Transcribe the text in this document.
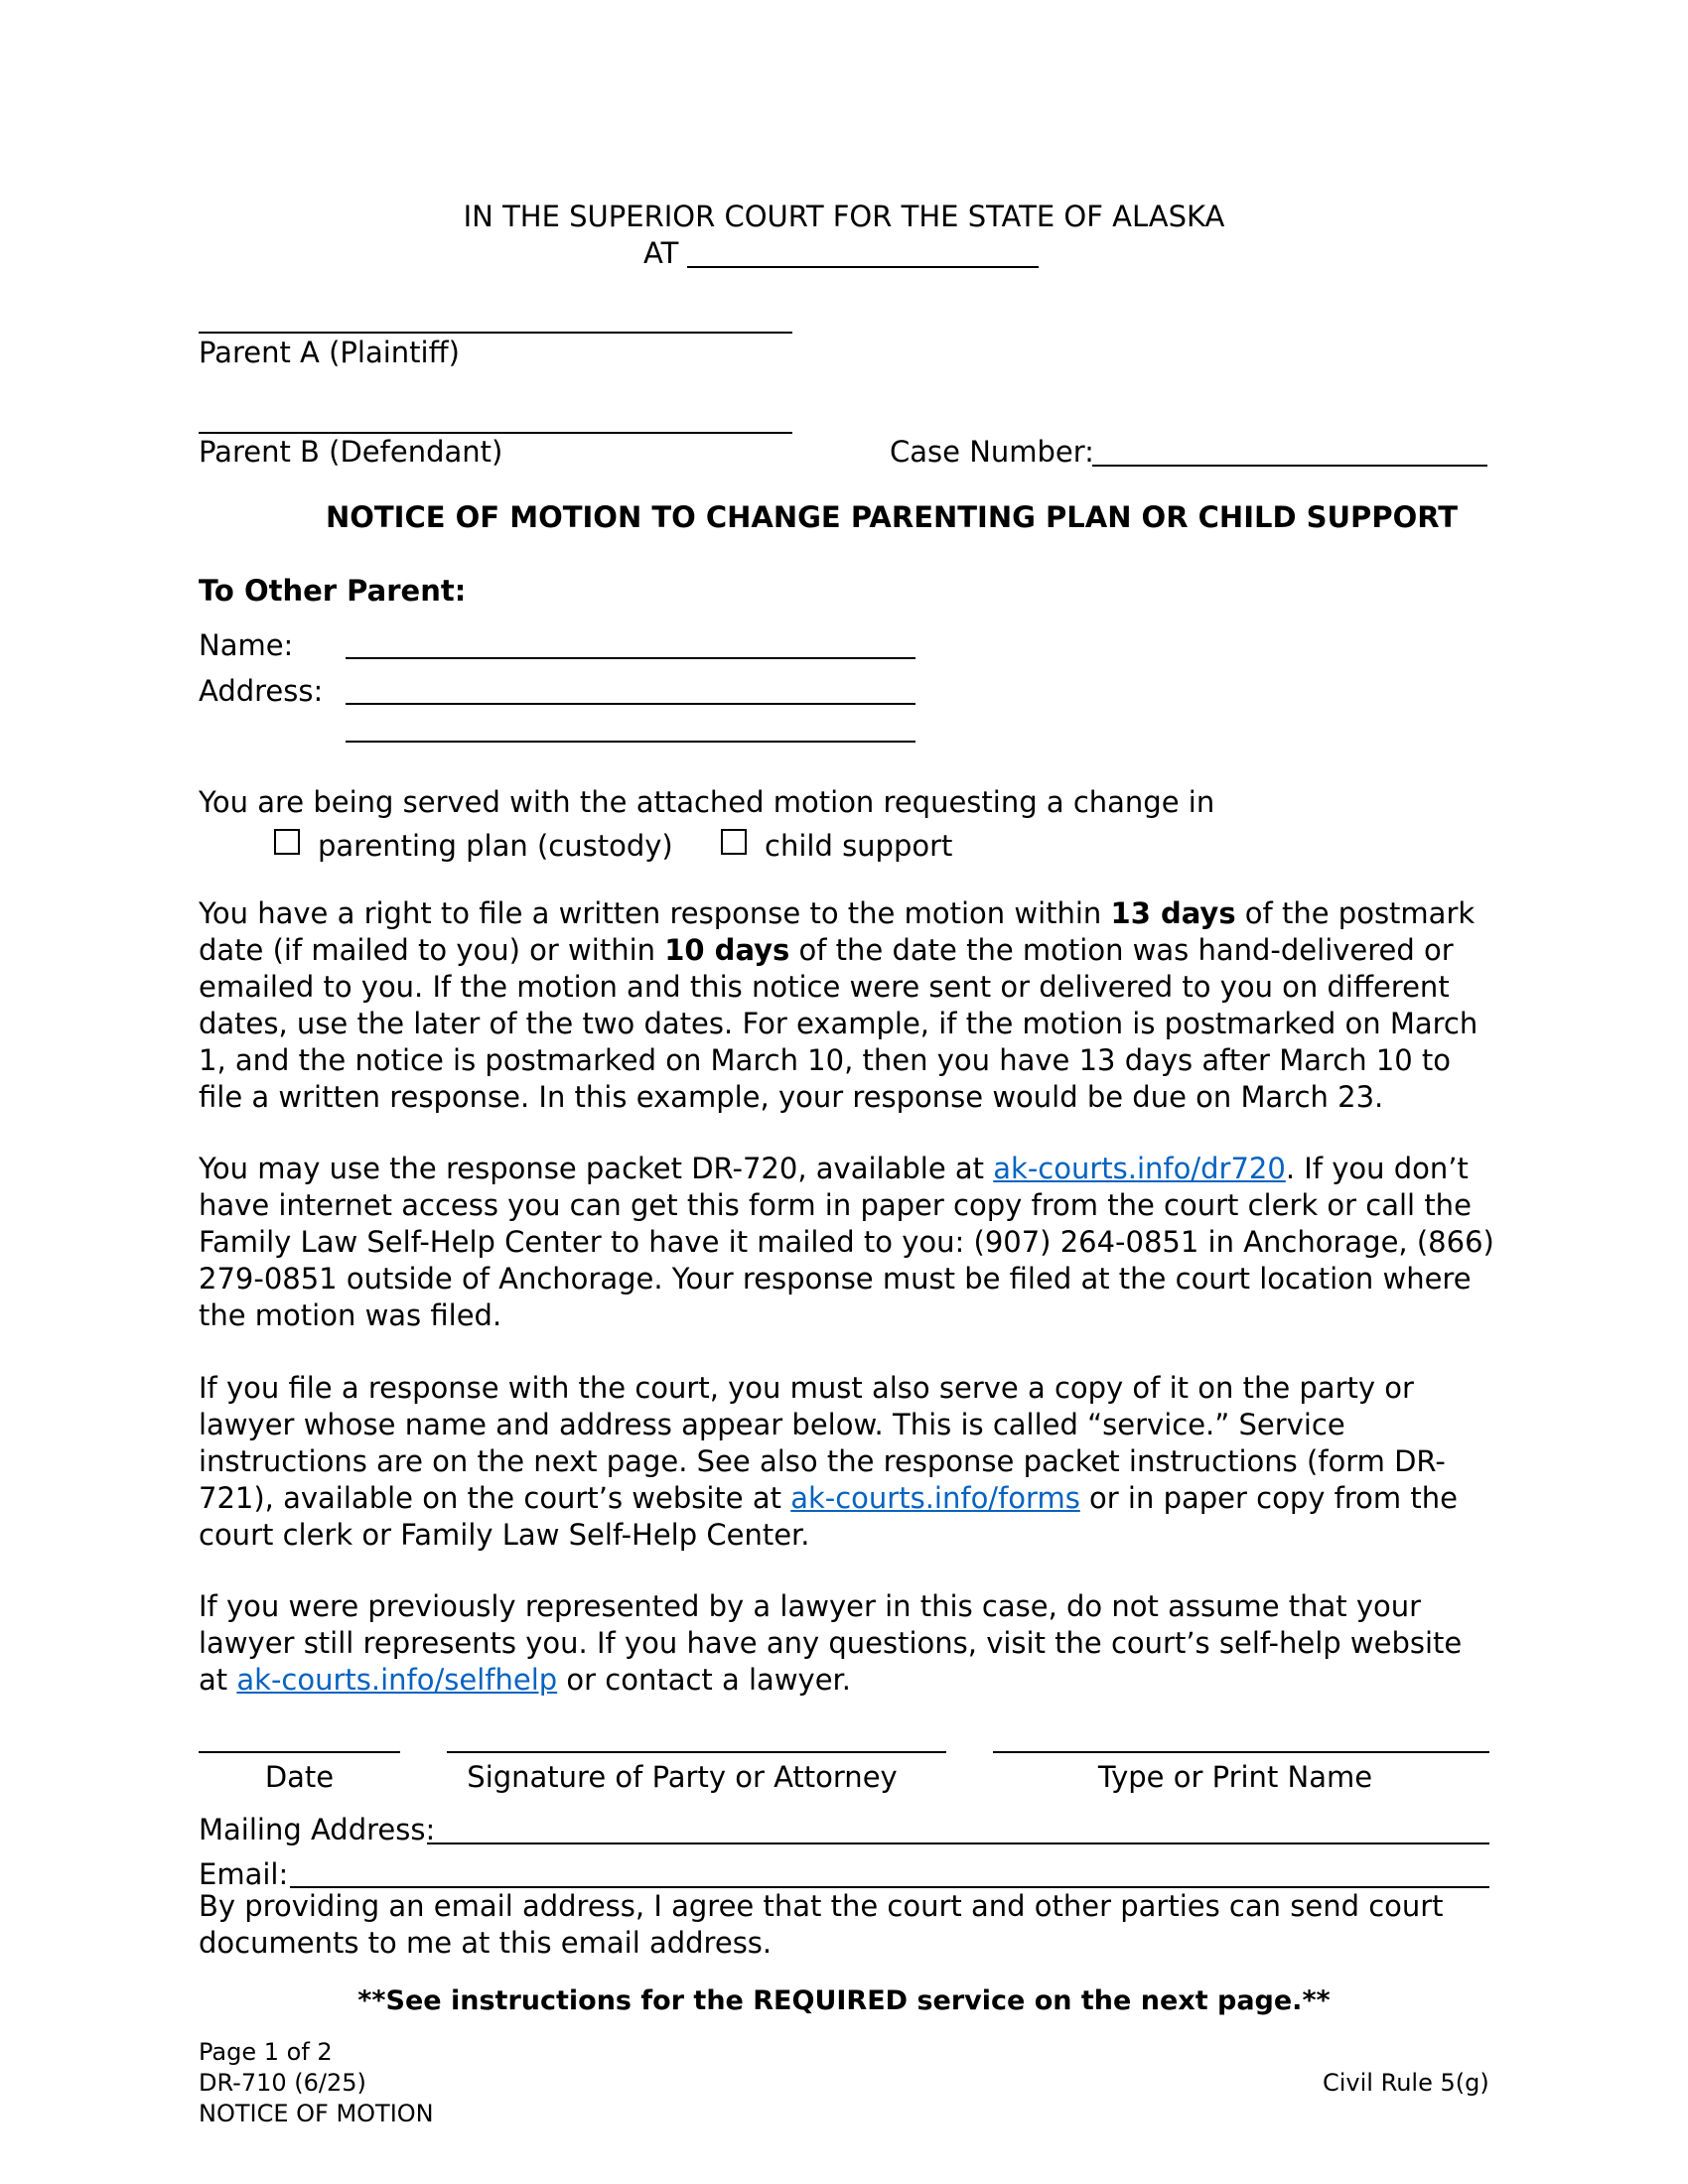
IN THE SUPERIOR COURT FOR THE STATE OF ALASKA
AT
Parent A (Plaintiff)
Parent B (Defendant)	Case Number:
NOTICE OF MOTION TO CHANGE PARENTING PLAN OR CHILD SUPPORT
To Other Parent:
Name:
Address:
You are being served with the attached motion requesting a change in
parenting plan (custody)	child support
You have a right to file a written response to the motion within 13 days of the postmark date (if mailed to you) or within 10 days of the date the motion was hand-delivered or emailed to you. If the motion and this notice were sent or delivered to you on different dates, use the later of the two dates. For example, if the motion is postmarked on March 1, and the notice is postmarked on March 10, then you have 13 days after March 10 to file a written response. In this example, your response would be due on March 23.
You may use the response packet DR-720, available at ak-courts.info/dr720. If you don’t have internet access you can get this form in paper copy from the court clerk or call the Family Law Self-Help Center to have it mailed to you: (907) 264-0851 in Anchorage, (866) 279-0851 outside of Anchorage. Your response must be filed at the court location where the motion was filed.
If you file a response with the court, you must also serve a copy of it on the party or lawyer whose name and address appear below. This is called “service.” Service instructions are on the next page. See also the response packet instructions (form DR-721), available on the court’s website at ak-courts.info/forms or in paper copy from the court clerk or Family Law Self-Help Center.
If you were previously represented by a lawyer in this case, do not assume that your lawyer still represents you. If you have any questions, visit the court’s self-help website at ak-courts.info/selfhelp or contact a lawyer.
Date	Signature of Party or Attorney	Type or Print Name
Mailing Address:
Email:
By providing an email address, I agree that the court and other parties can send court documents to me at this email address.
**See instructions for the REQUIRED service on the next page.**
Page 1 of 2
DR-710 (6/25)
NOTICE OF MOTION
Civil Rule 5(g)
